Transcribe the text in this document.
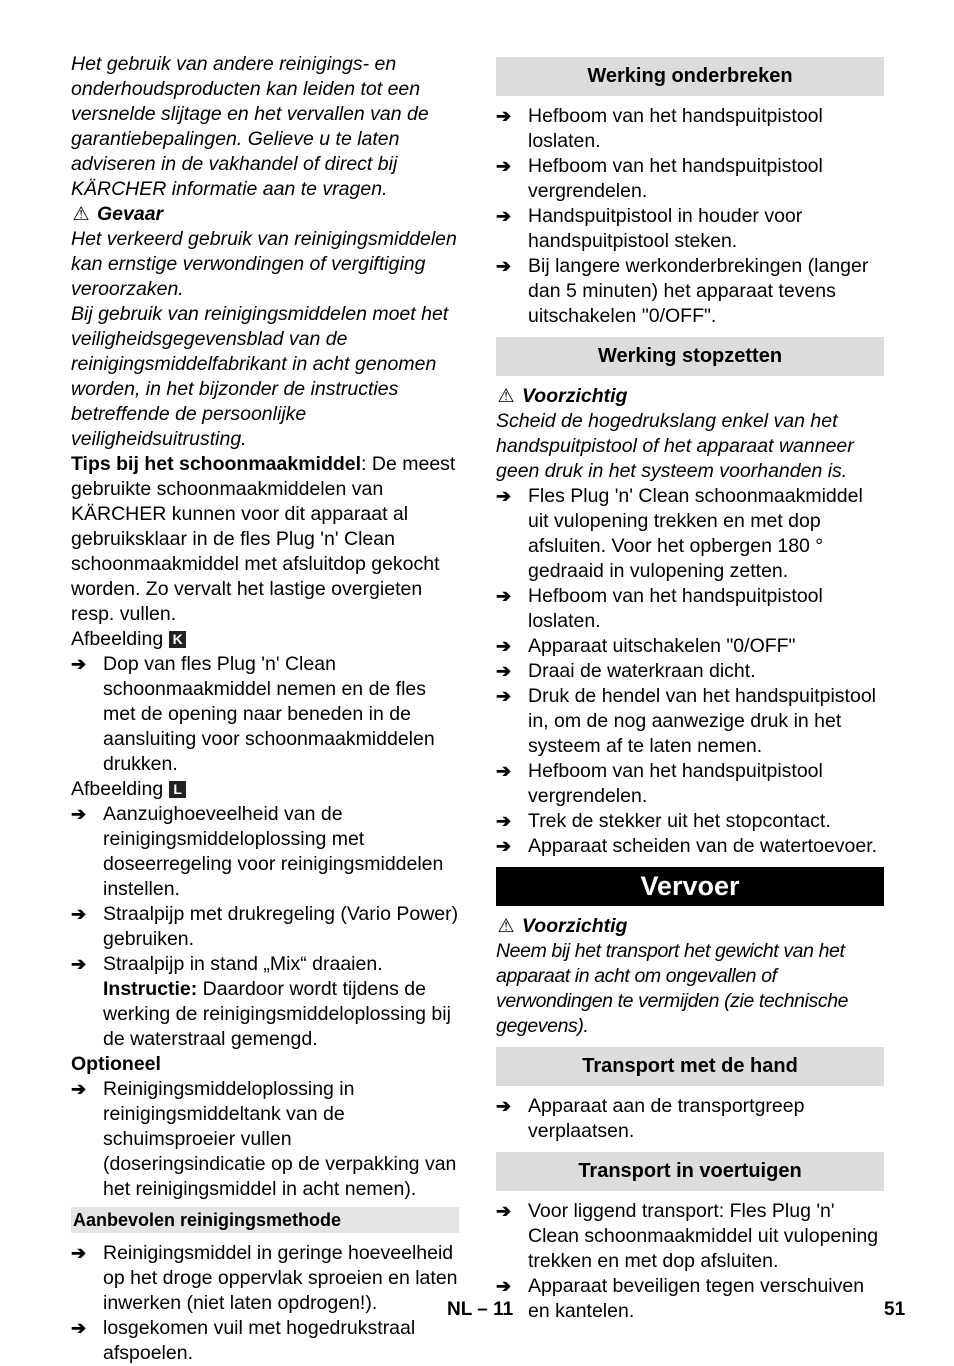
Het gebruik van andere reinigings- en onderhoudsproducten kan leiden tot een versnelde slijtage en het vervallen van de garantiebepalingen. Gelieve u te laten adviseren in de vakhandel of direct bij KÄRCHER informatie aan te vragen.

⚠ Gevaar

Het verkeerd gebruik van reinigingsmiddelen kan ernstige verwondingen of vergiftiging veroorzaken.

Bij gebruik van reinigingsmiddelen moet het veiligheidsgegevensblad van de reinigingsmiddelfabrikant in acht genomen worden, in het bijzonder de instructies betreffende de persoonlijke veiligheidsuitrusting.

Tips bij het schoonmaakmiddel: De meest gebruikte schoonmaakmiddelen van KÄRCHER kunnen voor dit apparaat al gebruiksklaar in de fles Plug 'n' Clean schoonmaakmiddel met afsluitdop gekocht worden. Zo vervalt het lastige overgieten resp. vullen.

Afbeelding K
➔ Dop van fles Plug 'n' Clean schoonmaakmiddel nemen en de fles met de opening naar beneden in de aansluiting voor schoonmaakmiddelen drukken.
Afbeelding L
➔ Aanzuighoeveelheid van de reinigingsmiddeloplossing met doseerregeling voor reinigingsmiddelen instellen.
➔ Straalpijp met drukregeling (Vario Power) gebruiken.
➔ Straalpijp in stand „Mix“ draaien.

Instructie: Daardoor wordt tijdens de werking de reinigingsmiddeloplossing bij de waterstraal gemengd.

Optioneel

➔ Reinigingsmiddeloplossing in reinigingsmiddeltank van de schuimsproeier vullen (doseringsindicatie op de verpakking van het reinigingsmiddel in acht nemen).
Aanbevolen reinigingsmethode
➔ Reinigingsmiddel in geringe hoeveelheid op het droge oppervlak sproeien en laten inwerken (niet laten opdrogen!).
➔ losgekomen vuil met hogedrukstraal afspoelen.
Werking onderbreken
➔ Hefboom van het handspuitpistool loslaten.
➔ Hefboom van het handspuitpistool vergrendelen.
➔ Handspuitpistool in houder voor handspuitpistool steken.
➔ Bij langere werkonderbrekingen (langer dan 5 minuten) het apparaat tevens uitschakelen "0/OFF".
Werking stopzetten
⚠ Voorzichtig

Scheid de hogedrukslang enkel van het handspuitpistool of het apparaat wanneer geen druk in het systeem voorhanden is.

➔ Fles Plug 'n' Clean schoonmaakmiddel uit vulopening trekken en met dop afsluiten. Voor het opbergen 180 ° gedraaid in vulopening zetten.
➔ Hefboom van het handspuitpistool loslaten.
➔ Apparaat uitschakelen "0/OFF"
➔ Draai de waterkraan dicht.
➔ Druk de hendel van het handspuitpistool in, om de nog aanwezige druk in het systeem af te laten nemen.
➔ Hefboom van het handspuitpistool vergrendelen.
➔ Trek de stekker uit het stopcontact.
➔ Apparaat scheiden van de watertoevoer.
Vervoer
⚠ Voorzichtig

Neem bij het transport het gewicht van het apparaat in acht om ongevallen of verwondingen te vermijden (zie technische gegevens).

Transport met de hand
➔ Apparaat aan de transportgreep verplaatsen.
Transport in voertuigen
➔ Voor liggend transport: Fles Plug 'n' Clean schoonmaakmiddel uit vulopening trekken en met dop afsluiten.
➔ Apparaat beveiligen tegen verschuiven en kantelen.
NL – 11	51
